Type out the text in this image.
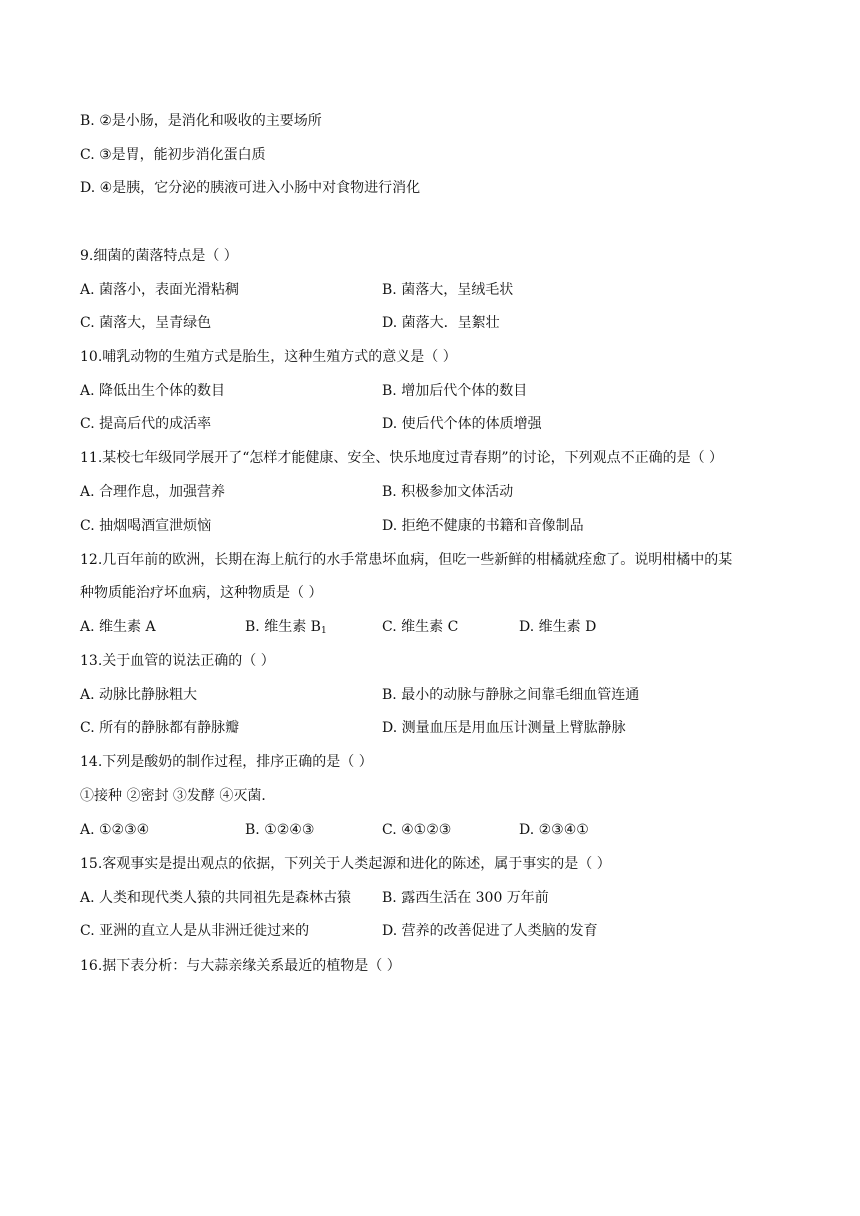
B. ②是小肠，是消化和吸收的主要场所
C. ③是胃，能初步消化蛋白质
D. ④是胰，它分泌的胰液可进入小肠中对食物进行消化
9.细菌的菌落特点是（ ）
A. 菌落小，表面光滑粘稠	B. 菌落大，呈绒毛状
C. 菌落大，呈青绿色	D. 菌落大．呈絮壮
10.哺乳动物的生殖方式是胎生，这种生殖方式的意义是（ ）
A. 降低出生个体的数目	B. 增加后代个体的数目
C. 提高后代的成活率	D. 使后代个体的体质增强
11.某校七年级同学展开了“怎样才能健康、安全、快乐地度过青春期”的讨论，下列观点不正确的是（ ）
A. 合理作息，加强营养	B. 积极参加文体活动
C. 抽烟喝酒宣泄烦恼	D. 拒绝不健康的书籍和音像制品
12.几百年前的欧洲，长期在海上航行的水手常患坏血病，但吃一些新鲜的柑橘就痊愈了。说明柑橘中的某
种物质能治疗坏血病，这种物质是（ ）
A. 维生素 A	B. 维生素 $B_1$	C. 维生素 C	D. 维生素 D
13.关于血管的说法正确的（ ）
A. 动脉比静脉粗大	B. 最小的动脉与静脉之间靠毛细血管连通
C. 所有的静脉都有静脉瓣	D. 测量血压是用血压计测量上臂肱静脉
14.下列是酸奶的制作过程，排序正确的是（ ）
①接种 ②密封 ③发酵 ④灭菌．
A. ①②③④	B. ①②④③	C. ④①②③	D. ②③④①
15.客观事实是提出观点的依据，下列关于人类起源和进化的陈述，属于事实的是（ ）
A. 人类和现代类人猿的共同祖先是森林古猿 B. 露西生活在 300 万年前
C. 亚洲的直立人是从非洲迁徙过来的	D. 营养的改善促进了人类脑的发育
16.据下表分析：与大蒜亲缘关系最近的植物是（ ）
